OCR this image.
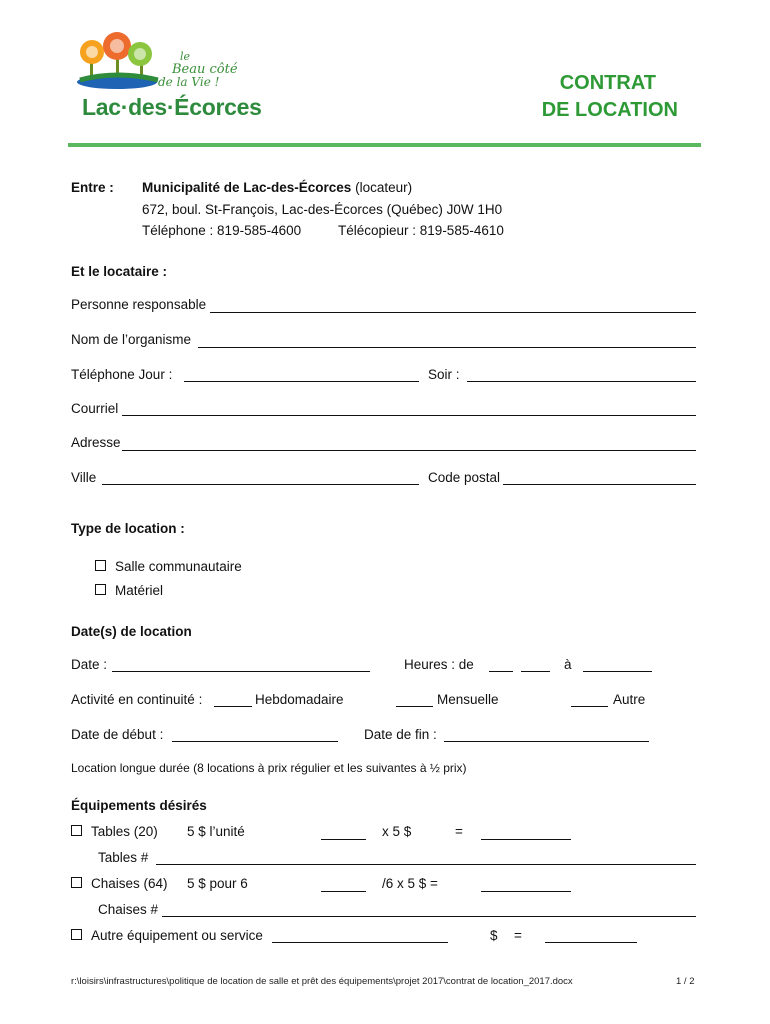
le
Beau côté
de la Vie !
Lac·des·Écorces
CONTRAT
DE LOCATION
Entre : Municipalité de Lac-des-Écorces (locateur)
672, boul. St-François, Lac-des-Écorces (Québec) J0W 1H0
Téléphone : 819-585-4600	Télécopieur : 819-585-4610
Et le locataire :
Personne responsable
Nom de l’organisme
Téléphone Jour :	Soir :
Courriel
Adresse
Ville	Code postal
Type de location :
Salle communautaire
Matériel
Date(s) de location
Date :	Heures : de	à
Activité en continuité :	Hebdomadaire	Mensuelle	Autre
Date de début :	Date de fin :
Location longue durée (8 locations à prix régulier et les suivantes à ½ prix)
Équipements désirés
Tables (20) 5 $ l’unité	x 5 $	=
Tables #
Chaises (64) 5 $ pour 6	/6 x 5 $ =
Chaises #
Autre équipement ou service	$ =
r:\loisirs\infrastructures\politique de location de salle et prêt des équipements\projet 2017\contrat de location_2017.docx	1 / 2
